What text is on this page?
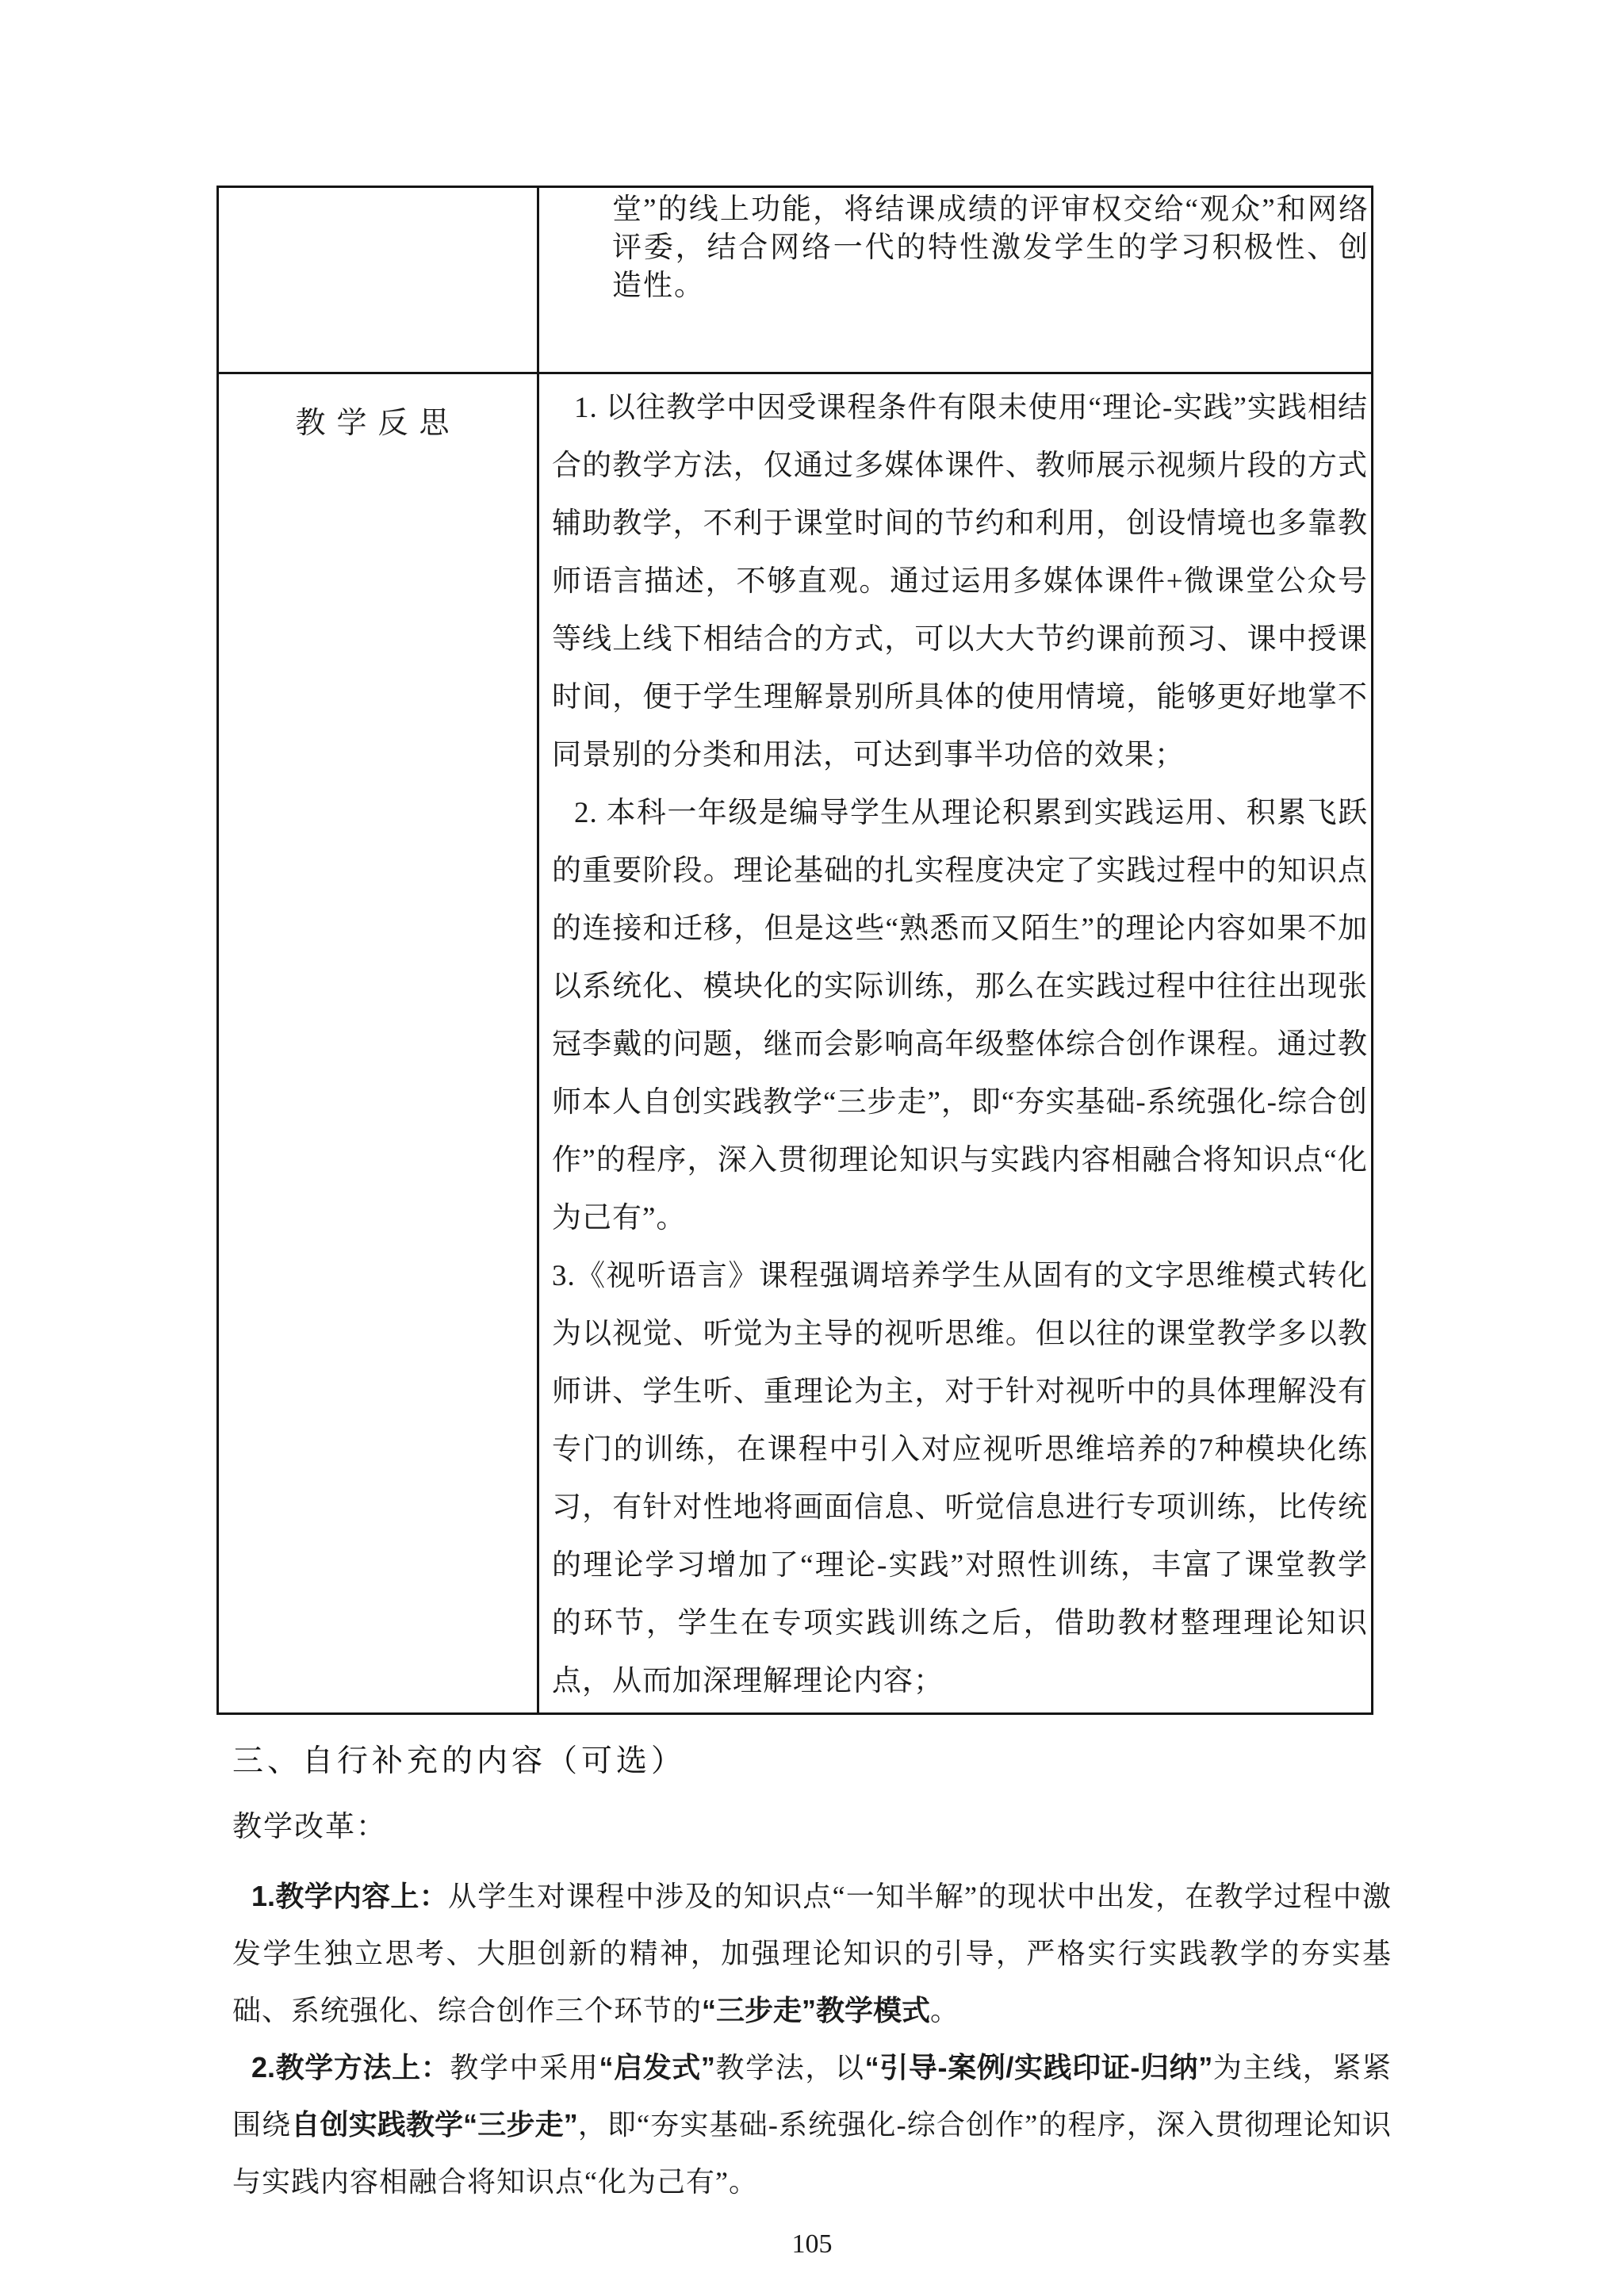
堂”的线上功能，将结课成绩的评审权交给“观众”和网络评委，结合网络一代的特性激发学生的学习积极性、创造性。

教学反思	1. 以往教学中因受课程条件有限未使用“理论-实践”实践相结合的教学方法，仅通过多媒体课件、教师展示视频片段的方式辅助教学，不利于课堂时间的节约和利用，创设情境也多靠教师语言描述，不够直观。通过运用多媒体课件+微课堂公众号等线上线下相结合的方式，可以大大节约课前预习、课中授课时间，便于学生理解景别所具体的使用情境，能够更好地掌不同景别的分类和用法，可达到事半功倍的效果；

2. 本科一年级是编导学生从理论积累到实践运用、积累飞跃的重要阶段。理论基础的扎实程度决定了实践过程中的知识点的连接和迁移，但是这些“熟悉而又陌生”的理论内容如果不加以系统化、模块化的实际训练，那么在实践过程中往往出现张冠李戴的问题，继而会影响高年级整体综合创作课程。通过教师本人自创实践教学“三步走”，即“夯实基础-系统强化-综合创作”的程序，深入贯彻理论知识与实践内容相融合将知识点“化为己有”。

3.《视听语言》课程强调培养学生从固有的文字思维模式转化为以视觉、听觉为主导的视听思维。但以往的课堂教学多以教师讲、学生听、重理论为主，对于针对视听中的具体理解没有专门的训练，在课程中引入对应视听思维培养的7种模块化练习，有针对性地将画面信息、听觉信息进行专项训练，比传统的理论学习增加了“理论-实践”对照性训练，丰富了课堂教学的环节，学生在专项实践训练之后，借助教材整理理论知识点，从而加深理解理论内容；

三、自行补充的内容（可选）
教学改革：

1.教学内容上：从学生对课程中涉及的知识点“一知半解”的现状中出发，在教学过程中激发学生独立思考、大胆创新的精神，加强理论知识的引导，严格实行实践教学的夯实基础、系统强化、综合创作三个环节的“三步走”教学模式。

2.教学方法上：教学中采用“启发式”教学法，以“引导-案例/实践印证-归纳”为主线，紧紧围绕自创实践教学“三步走”，即“夯实基础-系统强化-综合创作”的程序，深入贯彻理论知识与实践内容相融合将知识点“化为己有”。

105
